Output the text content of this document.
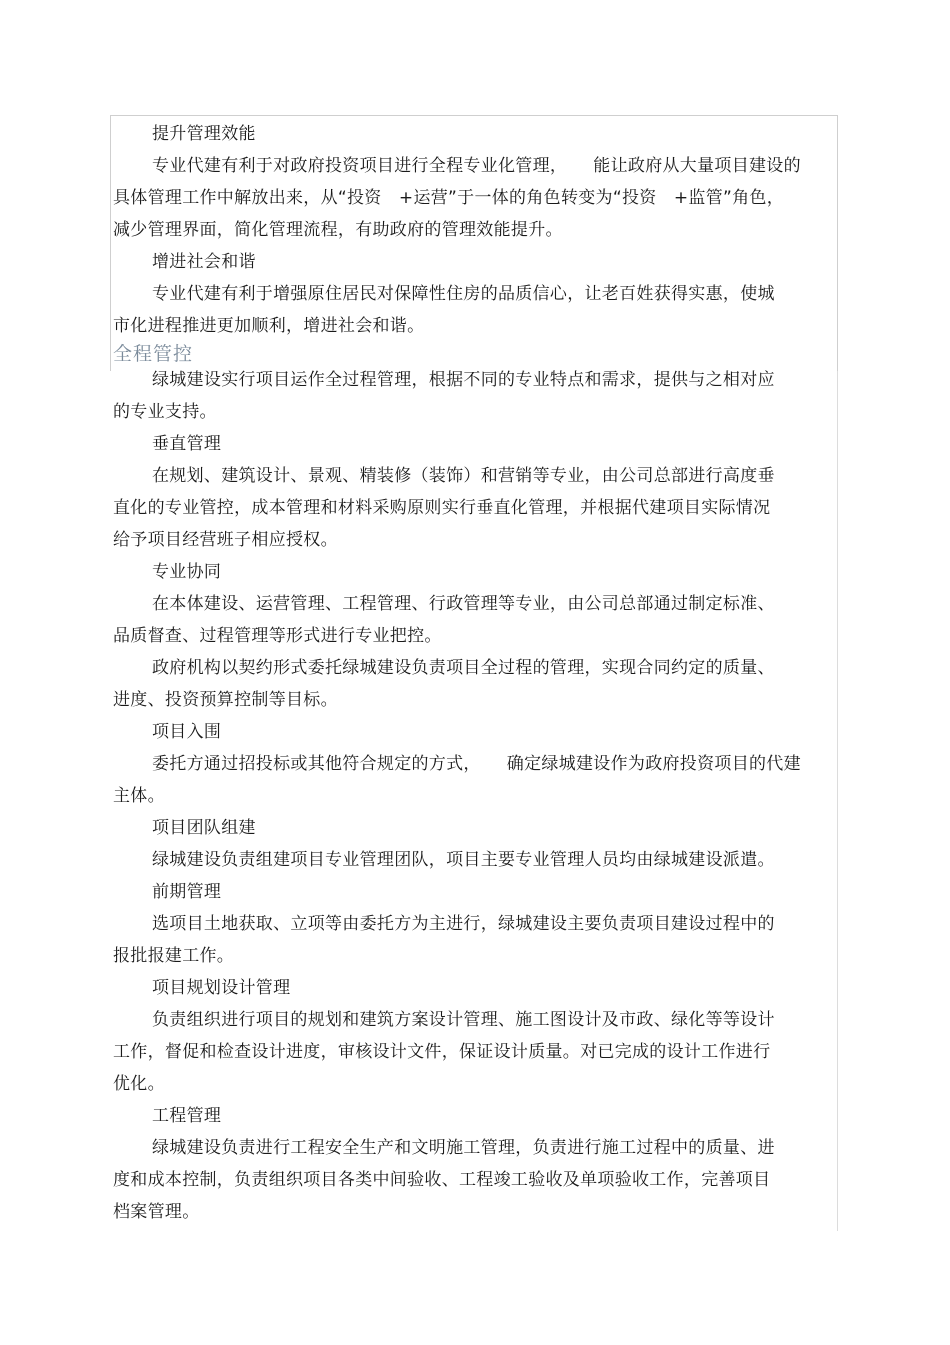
提升管理效能
专业代建有利于对政府投资项目进行全程专业化管理，　　能让政府从大量项目建设的
具体管理工作中解放出来，从“投资　+运营”于一体的角色转变为“投资　+监管”角色，
减少管理界面，简化管理流程，有助政府的管理效能提升。
增进社会和谐
专业代建有利于增强原住居民对保障性住房的品质信心，让老百姓获得实惠，使城
市化进程推进更加顺利，增进社会和谐。
全程管控
绿城建设实行项目运作全过程管理，根据不同的专业特点和需求，提供与之相对应
的专业支持。
垂直管理
在规划、建筑设计、景观、精装修（装饰）和营销等专业，由公司总部进行高度垂
直化的专业管控，成本管理和材料采购原则实行垂直化管理，并根据代建项目实际情况
给予项目经营班子相应授权。
专业协同
在本体建设、运营管理、工程管理、行政管理等专业，由公司总部通过制定标准、
品质督查、过程管理等形式进行专业把控。
政府机构以契约形式委托绿城建设负责项目全过程的管理，实现合同约定的质量、
进度、投资预算控制等目标。
项目入围
委托方通过招投标或其他符合规定的方式，　　确定绿城建设作为政府投资项目的代建
主体。
项目团队组建
绿城建设负责组建项目专业管理团队，项目主要专业管理人员均由绿城建设派遣。
前期管理
选项目土地获取、立项等由委托方为主进行，绿城建设主要负责项目建设过程中的
报批报建工作。
项目规划设计管理
负责组织进行项目的规划和建筑方案设计管理、施工图设计及市政、绿化等等设计
工作，督促和检查设计进度，审核设计文件，保证设计质量。对已完成的设计工作进行
优化。
工程管理
绿城建设负责进行工程安全生产和文明施工管理，负责进行施工过程中的质量、进
度和成本控制，负责组织项目各类中间验收、工程竣工验收及单项验收工作，完善项目
档案管理。
